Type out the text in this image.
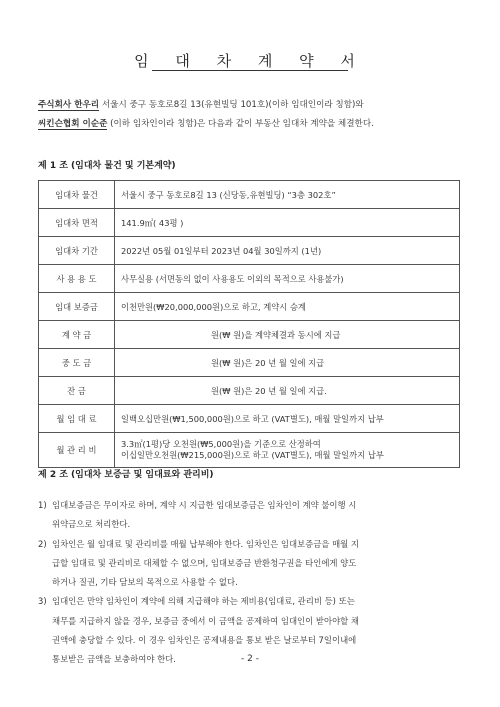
임 대 차 계 약 서
주식회사 한우리 서울시 중구 동호로8길 13(유현빌딩 101호)(이하 임대인이라 칭함)와
씨킨슨협회 이순준 (이하 임차인이라 칭함)은 다음과 같이 부동산 임대차 계약을 체결한다.
제 1 조 (임대차 물건 및 기본계약)
임대차 물건	서울시 중구 동호로8길 13 (신당동,유현빌딩) “3층 302호”
임대차 면적	141.9㎡( 43평 )
임대차 기간	2022년 05월 01일부터 2023년 04월 30일까지 (1년)
사 용 용 도	사무실용 (서면동의 없이 사용용도 이외의 목적으로 사용불가)
임대 보증금	이천만원(₩20,000,000원)으로 하고, 계약시 승계
계 약 금	원(₩ 원)을 계약체결과 동시에 지급
중 도 금	원(₩ 원)은 20 년 월 일에 지급
잔 금	원(₩ 원)은 20 년 월 일에 지급.
월 임 대 료	일백오십만원(₩1,500,000원)으로 하고 (VAT별도), 매월 말일까지 납부
월 관 리 비	3.3㎡(1평)당 오천원(₩5,000원)을 기준으로 산정하여
이십일만오천원(₩215,000원)으로 하고 (VAT별도), 매월 말일까지 납부
제 2 조 (임대차 보증금 및 임대료와 관리비)
1) 임대보증금은 무이자로 하며, 계약 시 지급한 임대보증금은 임차인이 계약 불이행 시
위약금으로 처리한다.
2) 임차인은 월 임대료 및 관리비를 매월 납부해야 한다. 임차인은 임대보증금을 매월 지
급할 임대료 및 관리비로 대체할 수 없으며, 임대보증금 반환청구권을 타인에게 양도
하거나 질권, 기타 담보의 목적으로 사용할 수 없다.
3) 임대인은 만약 임차인이 계약에 의해 지급해야 하는 제비용(임대료, 관리비 등) 또는
채무를 지급하지 않을 경우, 보증금 중에서 이 금액을 공제하여 임대인이 받아야할 채
권액에 충당할 수 있다. 이 경우 임차인은 공제내용을 통보 받은 날로부터 7일이내에
통보받은 금액을 보충하여야 한다.	- 2 -
